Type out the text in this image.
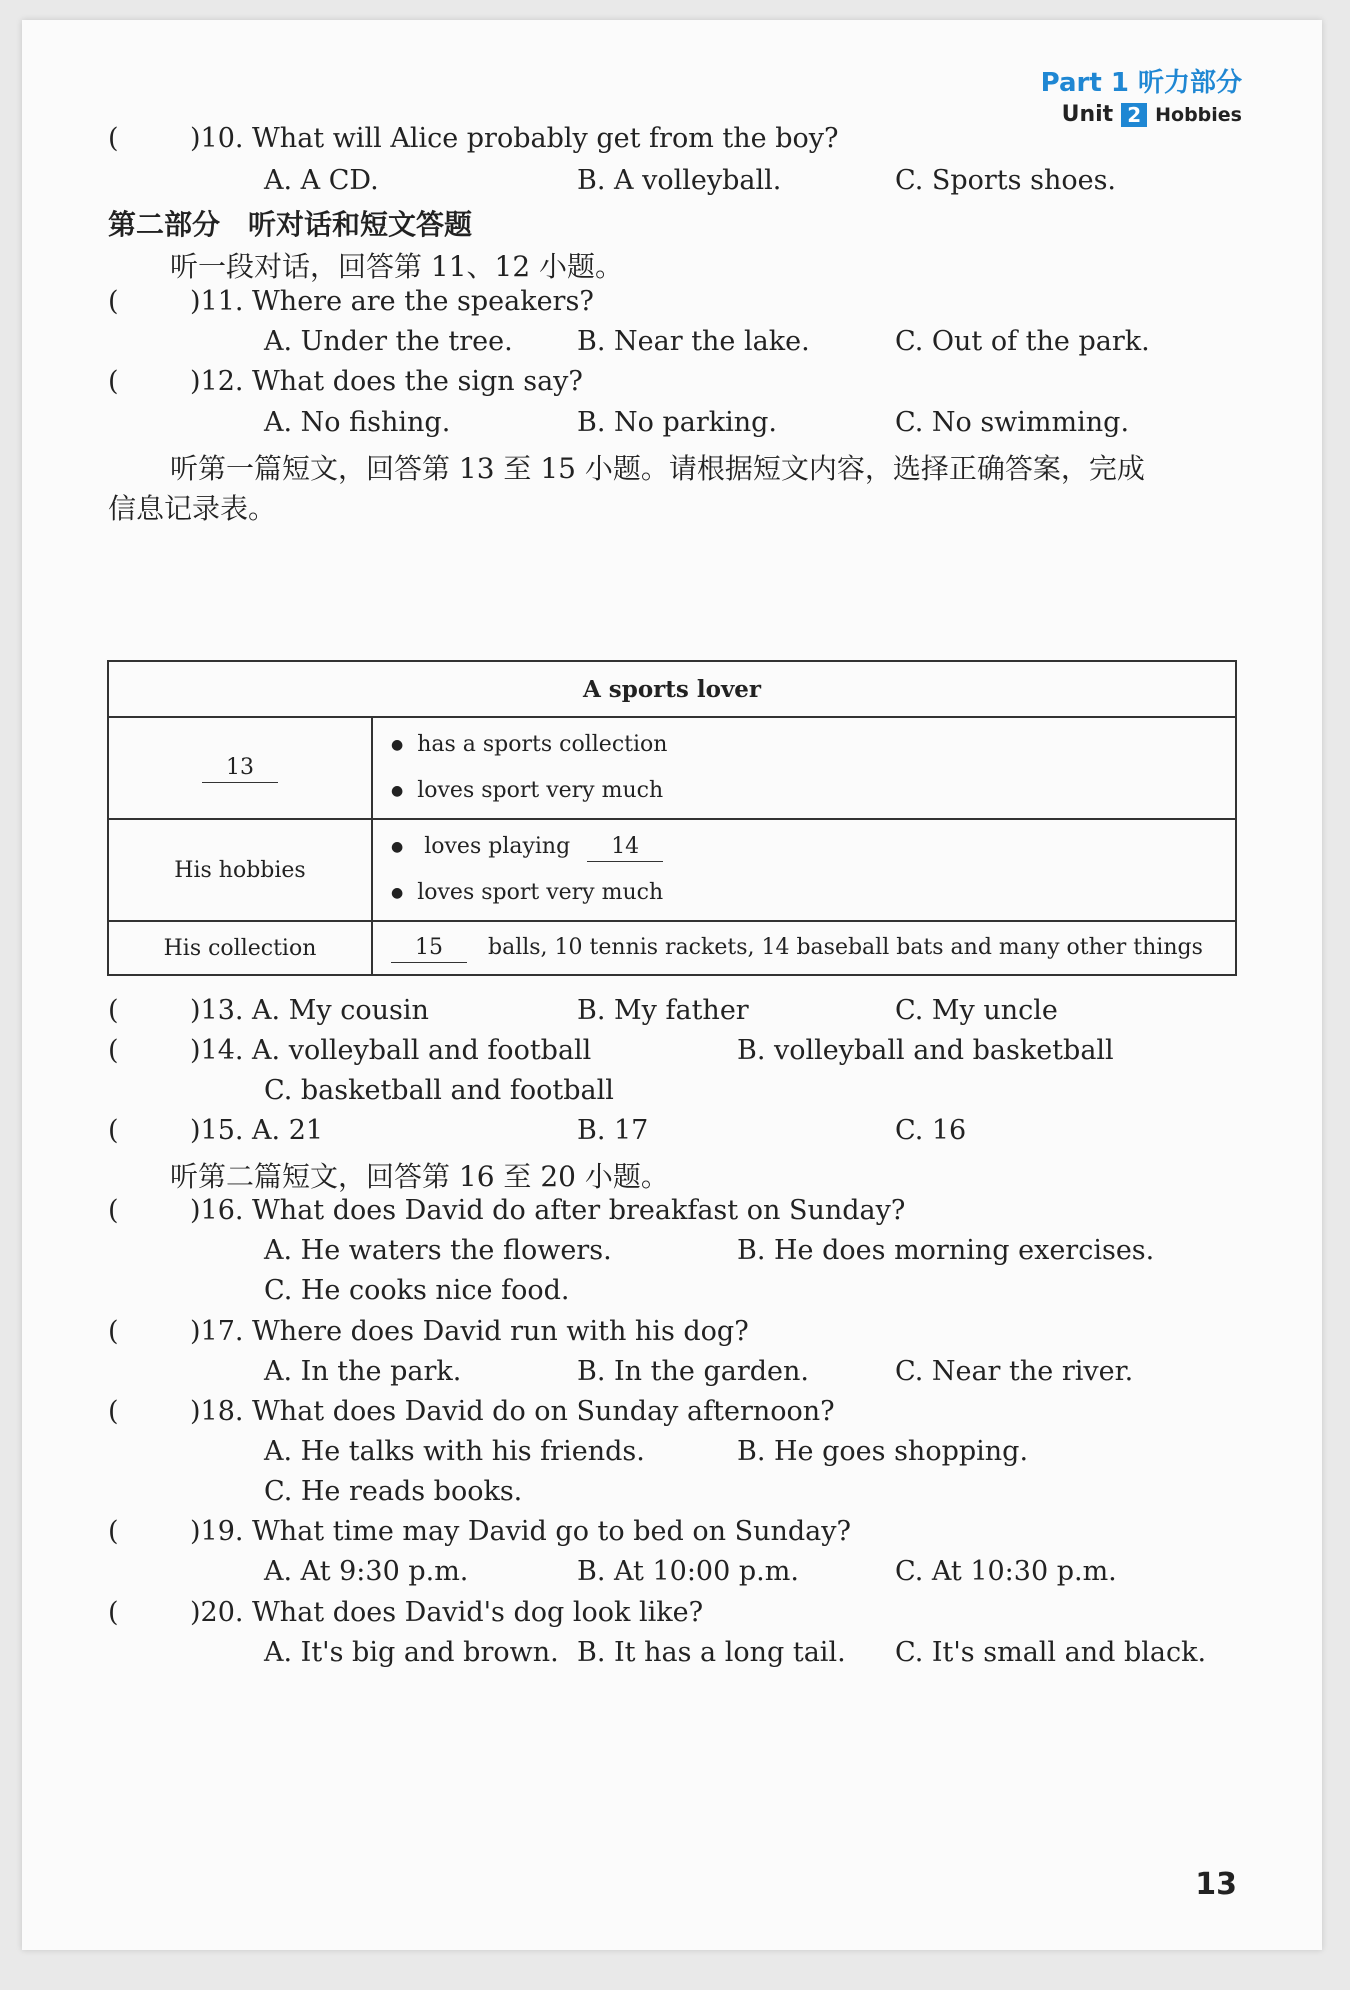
Part 1 听力部分
Unit 2 Hobbies
(	)10. What will Alice probably get from the boy?
A. A CD.	B. A volleyball.	C. Sports shoes.
第二部分　听对话和短文答题
听一段对话，回答第 11、12 小题。
(	)11. Where are the speakers?
A. Under the tree. B. Near the lake.	C. Out of the park.
(	)12. What does the sign say?
A. No fishing.	B. No parking.	C. No swimming.
听第一篇短文，回答第 13 至 15 小题。请根据短文内容，选择正确答案，完成
信息记录表。
A sports lover	
13	● has a sports collection
● loves sport very much

His hobbies	● loves playing 14
● loves sport very much

His collection	15 balls, 10 tennis rackets, 14 baseball bats and many other things
(	)13. A. My cousin	B. My father	C. My uncle
(	)14. A. volleyball and football	B. volleyball and basketball
C. basketball and football
(	)15. A. 21	B. 17	C. 16
听第二篇短文，回答第 16 至 20 小题。
(	)16. What does David do after breakfast on Sunday?
A. He waters the flowers.	B. He does morning exercises.
C. He cooks nice food.
(	)17. Where does David run with his dog?
A. In the park.	B. In the garden.	C. Near the river.
(	)18. What does David do on Sunday afternoon?
A. He talks with his friends.	B. He goes shopping.
C. He reads books.
(	)19. What time may David go to bed on Sunday?
A. At 9:30 p.m.	B. At 10:00 p.m.	C. At 10:30 p.m.
(	)20. What does David's dog look like?
A. It's big and brown. B. It has a long tail. C. It's small and black.
13
